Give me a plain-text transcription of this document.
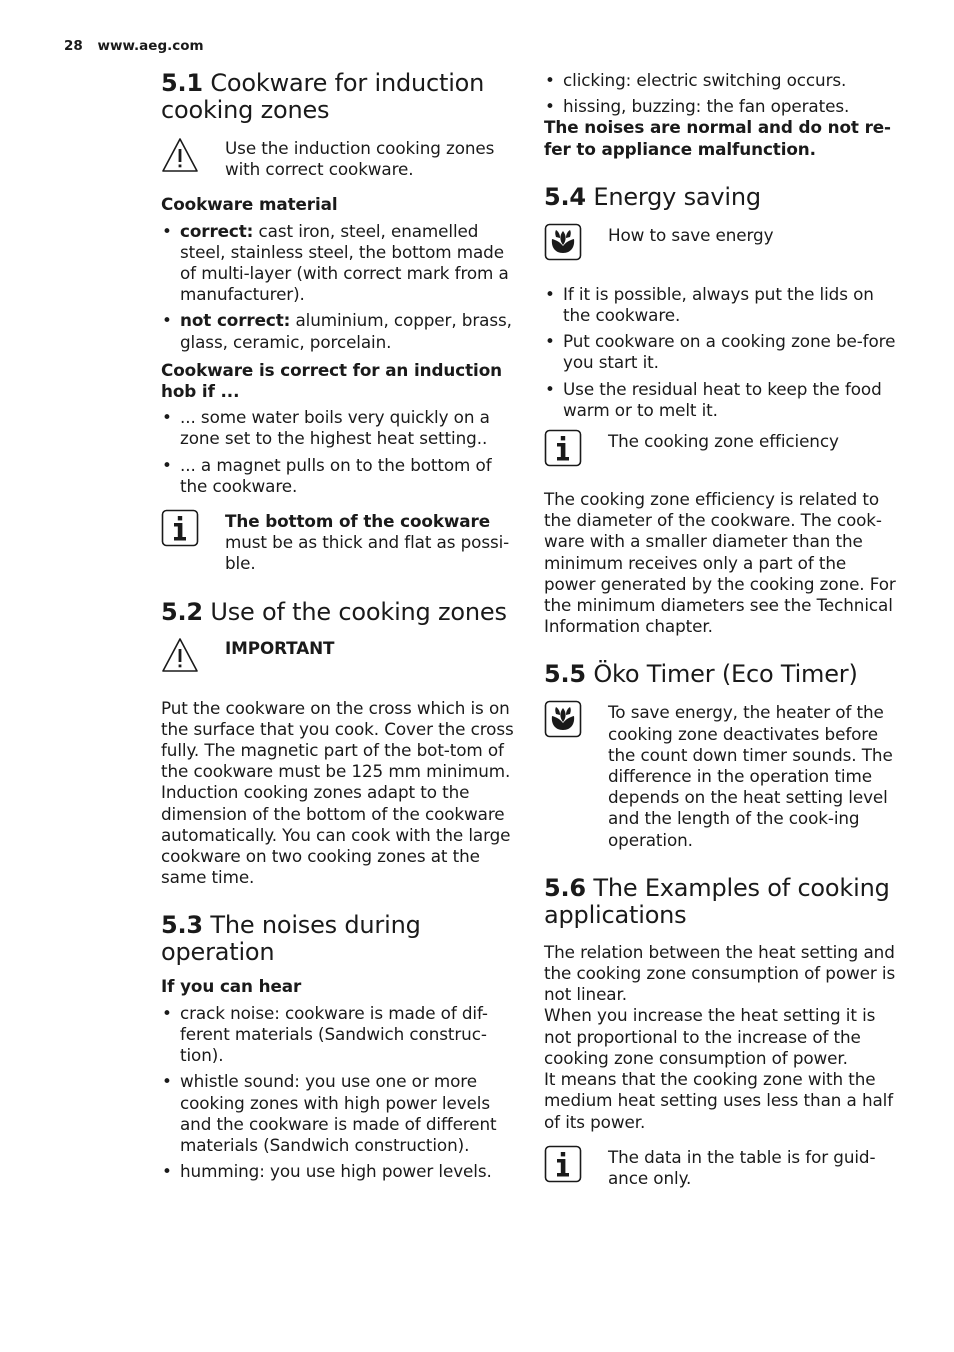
28 www.aeg.com
5.1 Cookware for induction cooking zones

Use the induction cooking zones with correct cookware.

Cookware material

• correct: cast iron, steel, enamelled steel, stainless steel, the bottom made of multi-layer (with correct mark from a manufacturer).
• not correct: aluminium, copper, brass, glass, ceramic, porcelain.

Cookware is correct for an induction hob if ...

• ... some water boils very quickly on a zone set to the highest heat setting..
• ... a magnet pulls on to the bottom of the cookware.

The bottom of the cookware must be as thick and flat as possi-ble.

5.2 Use of the cooking zones

IMPORTANT

Put the cookware on the cross which is on the surface that you cook. Cover the cross fully. The magnetic part of the bot-tom of the cookware must be 125 mm minimum. Induction cooking zones adapt to the dimension of the bottom of the cookware automatically. You can cook with the large cookware on two cooking zones at the same time.

5.3 The noises during operation

If you can hear

• crack noise: cookware is made of dif-ferent materials (Sandwich construc-tion).
• whistle sound: you use one or more cooking zones with high power levels and the cookware is made of different materials (Sandwich construction).
• humming: you use high power levels.
• clicking: electric switching occurs.
• hissing, buzzing: the fan operates.

The noises are normal and do not re-fer to appliance malfunction.

5.4 Energy saving

How to save energy

• If it is possible, always put the lids on the cookware.
• Put cookware on a cooking zone be-fore you start it.
• Use the residual heat to keep the food warm or to melt it.

The cooking zone efficiency

The cooking zone efficiency is related to the diameter of the cookware. The cook-ware with a smaller diameter than the minimum receives only a part of the power generated by the cooking zone. For the minimum diameters see the Technical Information chapter.

5.5 Öko Timer (Eco Timer)

To save energy, the heater of the cooking zone deactivates before the count down timer sounds. The difference in the operation time depends on the heat setting level and the length of the cook-ing operation.

5.6 The Examples of cooking applications

The relation between the heat setting and the cooking zone consumption of power is not linear.

When you increase the heat setting it is not proportional to the increase of the cooking zone consumption of power.

It means that the cooking zone with the medium heat setting uses less than a half of its power.

The data in the table is for guid-ance only.
